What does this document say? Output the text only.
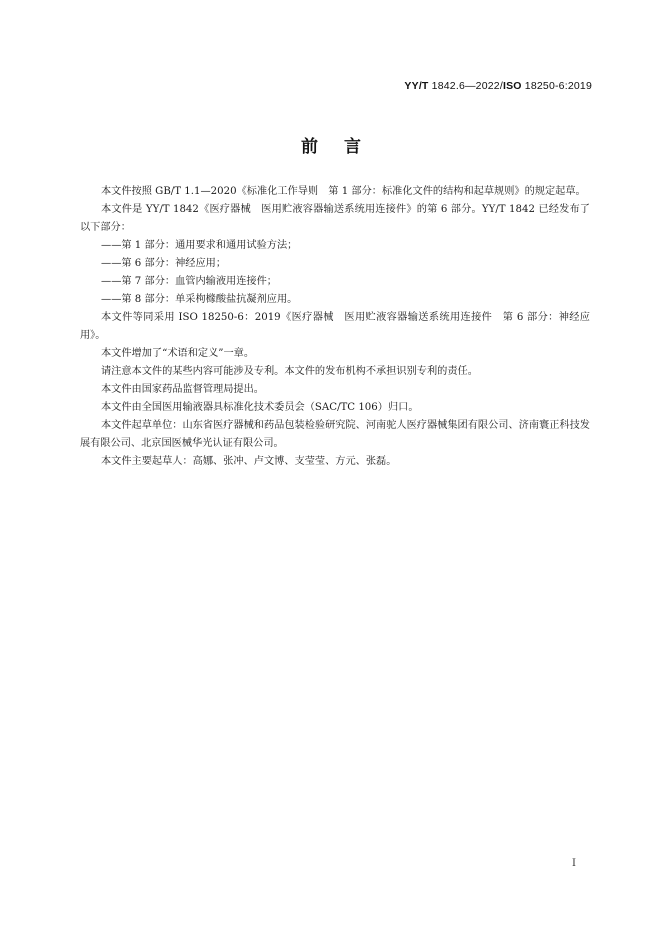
YY/T 1842.6—2022/ISO 18250-6:2019
前言

本文件按照 GB/T 1.1—2020《标准化工作导则　第 1 部分：标准化文件的结构和起草规则》的规定起草。

本文件是 YY/T 1842《医疗器械　医用贮液容器输送系统用连接件》的第 6 部分。YY/T 1842 已经发布了以下部分：

——第 1 部分：通用要求和通用试验方法；

——第 6 部分：神经应用；

——第 7 部分：血管内输液用连接件；

——第 8 部分：单采枸橼酸盐抗凝剂应用。

本文件等同采用 ISO 18250-6：2019《医疗器械　医用贮液容器输送系统用连接件　第 6 部分：神经应用》。

本文件增加了“术语和定义”一章。

请注意本文件的某些内容可能涉及专利。本文件的发布机构不承担识别专利的责任。

本文件由国家药品监督管理局提出。

本文件由全国医用输液器具标准化技术委员会（SAC/TC 106）归口。

本文件起草单位：山东省医疗器械和药品包装检验研究院、河南驼人医疗器械集团有限公司、济南寰正科技发展有限公司、北京国医械华光认证有限公司。

本文件主要起草人：高娜、张冲、卢文博、支莹莹、方元、张磊。

I
